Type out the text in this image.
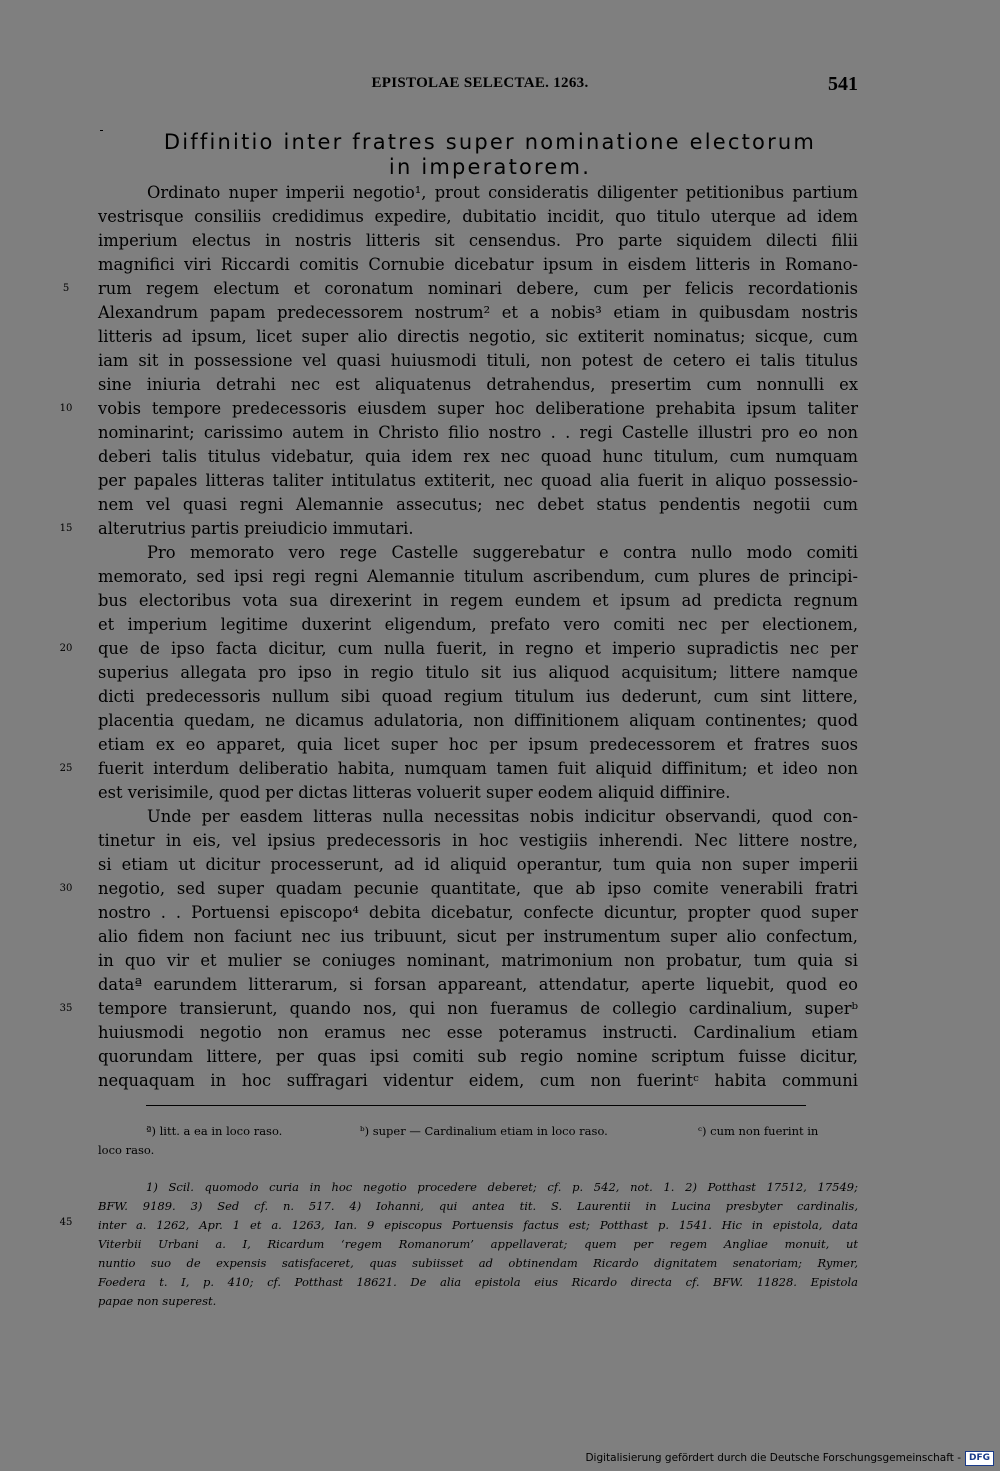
EPISTOLAE SELECTAE. 1263.	541
Diffinitio inter fratres super nominatione electorum
in imperatorem.
Ordinato nuper imperii negotio¹, prout consideratis diligenter petitionibus partium
vestrisque consiliis credidimus expedire, dubitatio incidit, quo titulo uterque ad idem
imperium electus in nostris litteris sit censendus. Pro parte siquidem dilecti filii
magnifici viri Riccardi comitis Cornubie dicebatur ipsum in eisdem litteris in Romano-
rum regem electum et coronatum nominari debere, cum per felicis recordationis
5
Alexandrum papam predecessorem nostrum² et a nobis³ etiam in quibusdam nostris
litteris ad ipsum, licet super alio directis negotio, sic extiterit nominatus; sicque, cum
iam sit in possessione vel quasi huiusmodi tituli, non potest de cetero ei talis titulus
sine iniuria detrahi nec est aliquatenus detrahendus, presertim cum nonnulli ex
vobis tempore predecessoris eiusdem super hoc deliberatione prehabita ipsum taliter
10
nominarint; carissimo autem in Christo filio nostro . . regi Castelle illustri pro eo non
deberi talis titulus videbatur, quia idem rex nec quoad hunc titulum, cum numquam
per papales litteras taliter intitulatus extiterit, nec quoad alia fuerit in aliquo possessio-
nem vel quasi regni Alemannie assecutus; nec debet status pendentis negotii cum
alterutrius partis preiudicio immutari.
15
Pro memorato vero rege Castelle suggerebatur e contra nullo modo comiti
memorato, sed ipsi regi regni Alemannie titulum ascribendum, cum plures de principi-
bus electoribus vota sua direxerint in regem eundem et ipsum ad predicta regnum
et imperium legitime duxerint eligendum, prefato vero comiti nec per electionem,
que de ipso facta dicitur, cum nulla fuerit, in regno et imperio supradictis nec per
20
superius allegata pro ipso in regio titulo sit ius aliquod acquisitum; littere namque
dicti predecessoris nullum sibi quoad regium titulum ius dederunt, cum sint littere,
placentia quedam, ne dicamus adulatoria, non diffinitionem aliquam continentes; quod
etiam ex eo apparet, quia licet super hoc per ipsum predecessorem et fratres suos
fuerit interdum deliberatio habita, numquam tamen fuit aliquid diffinitum; et ideo non
25
est verisimile, quod per dictas litteras voluerit super eodem aliquid diffinire.
Unde per easdem litteras nulla necessitas nobis indicitur observandi, quod con-
tinetur in eis, vel ipsius predecessoris in hoc vestigiis inherendi. Nec littere nostre,
si etiam ut dicitur processerunt, ad id aliquid operantur, tum quia non super imperii
negotio, sed super quadam pecunie quantitate, que ab ipso comite venerabili fratri
30
nostro . . Portuensi episcopo⁴ debita dicebatur, confecte dicuntur, propter quod super
alio fidem non faciunt nec ius tribuunt, sicut per instrumentum super alio confectum,
in quo vir et mulier se coniuges nominant, matrimonium non probatur, tum quia si
dataª earundem litterarum, si forsan appareant, attendatur, aperte liquebit, quod eo
tempore transierunt, quando nos, qui non fueramus de collegio cardinalium, superᵇ
35
huiusmodi negotio non eramus nec esse poteramus instructi. Cardinalium etiam
quorundam littere, per quas ipsi comiti sub regio nomine scriptum fuisse dicitur,
nequaquam in hoc suffragari videntur eidem, cum non fuerintᶜ habita communi
ª) litt. a ea in loco raso.	ᵇ) super — Cardinalium etiam in loco raso.	ᶜ) cum non fuerint in
loco raso.
45
1) Scil. quomodo curia in hoc negotio procedere deberet; cf. p. 542, not. 1. 2) Potthast 17512, 17549;
BFW. 9189. 3) Sed cf. n. 517. 4) Iohanni, qui antea tit. S. Laurentii in Lucina presbyter cardinalis,
inter a. 1262, Apr. 1 et a. 1263, Ian. 9 episcopus Portuensis factus est; Potthast p. 1541. Hic in epistola, data
Viterbii Urbani a. I, Ricardum ‘regem Romanorum’ appellaverat; quem per regem Angliae monuit, ut
nuntio suo de expensis satisfaceret, quas subiisset ad obtinendam Ricardo dignitatem senatoriam; Rymer,
Foedera t. I, p. 410; cf. Potthast 18621. De alia epistola eius Ricardo directa cf. BFW. 11828. Epistola
papae non superest.
Digitalisierung gefördert durch die Deutsche Forschungsgemeinschaft - DFG
